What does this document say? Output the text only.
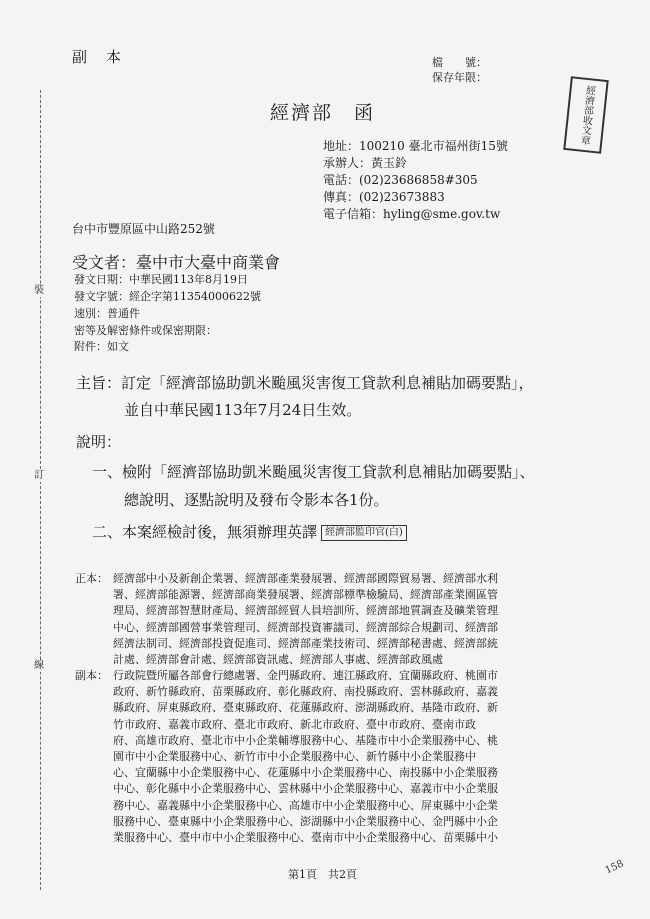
裝
訂
線
副　本	檔　　號：
保存年限：
經濟部收文章
經濟部　函
地址：100210 臺北市福州街15號
承辦人：黃玉鈴
電話：(02)23686858#305
傳真：(02)23673883
電子信箱：hyling@sme.gov.tw
台中市豐原區中山路252號
受文者：臺中市大臺中商業會
發文日期：中華民國113年8月19日
發文字號：經企字第11354000622號
速別：普通件
密等及解密條件或保密期限：
附件：如文
主旨：訂定「經濟部協助凱米颱風災害復工貸款利息補貼加碼要點」，
並自中華民國113年7月24日生效。
說明：
一、檢附「經濟部協助凱米颱風災害復工貸款利息補貼加碼要點」、
總說明、逐點說明及發布令影本各1份。
二、本案經檢討後，無須辦理英譯 經濟部監印官(白)
正本： 經濟部中小及新創企業署、經濟部產業發展署、經濟部國際貿易署、經濟部水利
署、經濟部能源署、經濟部商業發展署、經濟部標準檢驗局、經濟部產業園區管
理局、經濟部智慧財產局、經濟部經貿人員培訓所、經濟部地質調查及礦業管理
中心、經濟部國營事業管理司、經濟部投資審議司、經濟部綜合規劃司、經濟部
經濟法制司、經濟部投資促進司、經濟部產業技術司、經濟部秘書處、經濟部統
計處、經濟部會計處、經濟部資訊處、經濟部人事處、經濟部政風處
副本： 行政院暨所屬各部會行總處署、金門縣政府、連江縣政府、宜蘭縣政府、桃園市
政府、新竹縣政府、苗栗縣政府、彰化縣政府、南投縣政府、雲林縣政府、嘉義
縣政府、屏東縣政府、臺東縣政府、花蓮縣政府、澎湖縣政府、基隆市政府、新
竹市政府、嘉義市政府、臺北市政府、新北市政府、臺中市政府、臺南市政
府、高雄市政府、臺北市中小企業輔導服務中心、基隆市中小企業服務中心、桃
園市中小企業服務中心、新竹市中小企業服務中心、新竹縣中小企業服務中
心、宜蘭縣中小企業服務中心、花蓮縣中小企業服務中心、南投縣中小企業服務
中心、彰化縣中小企業服務中心、雲林縣中小企業服務中心、嘉義市中小企業服
務中心、嘉義縣中小企業服務中心、高雄市中小企業服務中心、屏東縣中小企業
服務中心、臺東縣中小企業服務中心、澎湖縣中小企業服務中心、金門縣中小企
業服務中心、臺中市中小企業服務中心、臺南市中小企業服務中心、苗栗縣中小
第1頁　共2頁	158
